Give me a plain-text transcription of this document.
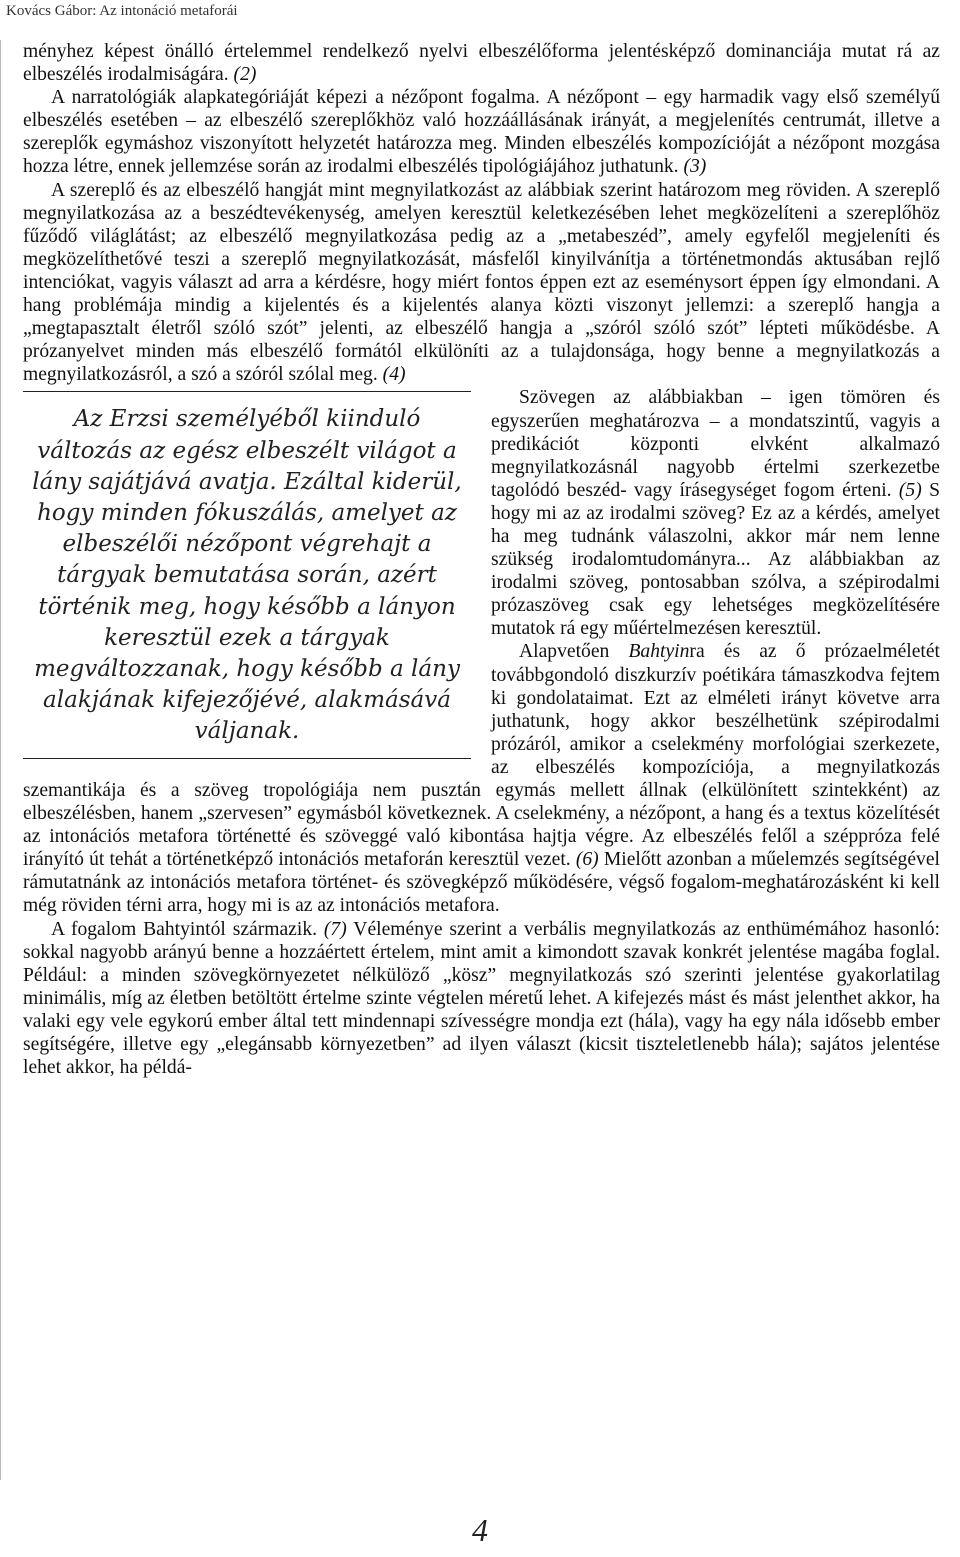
Kovács Gábor: Az intonáció metaforái

ményhez képest önálló értelemmel rendelkező nyelvi elbeszélőforma jelentésképző dominanciája mutat rá az elbeszélés irodalmiságára. (2)

A narratológiák alapkategóriáját képezi a nézőpont fogalma. A nézőpont – egy harmadik vagy első személyű elbeszélés esetében – az elbeszélő szereplőkhöz való hozzáállásának irányát, a megjelenítés centrumát, illetve a szereplők egymáshoz viszonyított helyzetét határozza meg. Minden elbeszélés kompozícióját a nézőpont mozgása hozza létre, ennek jellemzése során az irodalmi elbeszélés tipológiájához juthatunk. (3)

A szereplő és az elbeszélő hangját mint megnyilatkozást az alábbiak szerint határozom meg röviden. A szereplő megnyilatkozása az a beszédtevékenység, amelyen keresztül keletkezésében lehet megközelíteni a szereplőhöz fűződő világlátást; az elbeszélő megnyilatkozása pedig az a „metabeszéd”, amely egyfelől megjeleníti és megközelíthetővé teszi a szereplő megnyilatkozását, másfelől kinyilvánítja a történetmondás aktusában rejlő intenciókat, vagyis választ ad arra a kérdésre, hogy miért fontos éppen ezt az eseménysort éppen így elmondani. A hang problémája mindig a kijelentés és a kijelentés alanya közti viszonyt jellemzi: a szereplő hangja a „megtapasztalt életről szóló szót” jelenti, az elbeszélő hangja a „szóról szóló szót” lépteti működésbe. A prózanyelvet minden más elbeszélő formától elkülöníti az a tulajdonsága, hogy benne a megnyilatkozás a megnyilatkozásról, a szó a szóról szólal meg. (4)

Az Erzsi személyéből kiinduló változás az egész elbeszélt világot a lány sajátjává avatja. Ezáltal kiderül, hogy minden fókuszálás, amelyet az elbeszélői nézőpont végrehajt a tárgyak bemutatása során, azért történik meg, hogy később a lányon keresztül ezek a tárgyak megváltozzanak, hogy később a lány alakjának kifejezőjévé, alakmásává váljanak.

Szövegen az alábbiakban – igen tömören és egyszerűen meghatározva – a mondatszintű, vagyis a predikációt központi elvként alkalmazó megnyilatkozásnál nagyobb értelmi szerkezetbe tagolódó beszéd- vagy írásegységet fogom érteni. (5) S hogy mi az az irodalmi szöveg? Ez az a kérdés, amelyet ha meg tudnánk válaszolni, akkor már nem lenne szükség irodalomtudományra... Az alábbiakban az irodalmi szöveg, pontosabban szólva, a szépirodalmi prózaszöveg csak egy lehetséges megközelítésére mutatok rá egy műértelmezésen keresztül.

Alapvetően Bahtyinra és az ő prózaelméletét továbbgondoló diszkurzív poétikára támaszkodva fejtem ki gondolataimat. Ezt az elméleti irányt követve arra juthatunk, hogy akkor beszélhetünk szépirodalmi prózáról, amikor a cselekmény morfológiai szerkezete, az elbeszélés kompozíciója, a megnyilatkozás szemantikája és a szöveg tropológiája nem pusztán egymás mellett állnak (elkülönített szintekként) az elbeszélésben, hanem „szervesen” egymásból következnek. A cselekmény, a nézőpont, a hang és a textus közelítését az intonációs metafora történetté és szöveggé való kibontása hajtja végre. Az elbeszélés felől a széppróza felé irányító út tehát a történetképző intonációs metaforán keresztül vezet. (6) Mielőtt azonban a műelemzés segítségével rámutatnánk az intonációs metafora történet- és szövegképző működésére, végső fogalom-meghatározásként ki kell még röviden térni arra, hogy mi is az az intonációs metafora.

A fogalom Bahtyintól származik. (7) Véleménye szerint a verbális megnyilatkozás az enthümémához hasonló: sokkal nagyobb arányú benne a hozzáértett értelem, mint amit a kimondott szavak konkrét jelentése magába foglal. Például: a minden szövegkörnyezetet nélkülöző „kösz” megnyilatkozás szó szerinti jelentése gyakorlatilag minimális, míg az életben betöltött értelme szinte végtelen méretű lehet. A kifejezés mást és mást jelenthet akkor, ha valaki egy vele egykorú ember által tett mindennapi szívességre mondja ezt (hála), vagy ha egy nála idősebb ember segítségére, illetve egy „elegánsabb környezetben” ad ilyen választ (kicsit tiszteletlenebb hála); sajátos jelentése lehet akkor, ha példá-

4
